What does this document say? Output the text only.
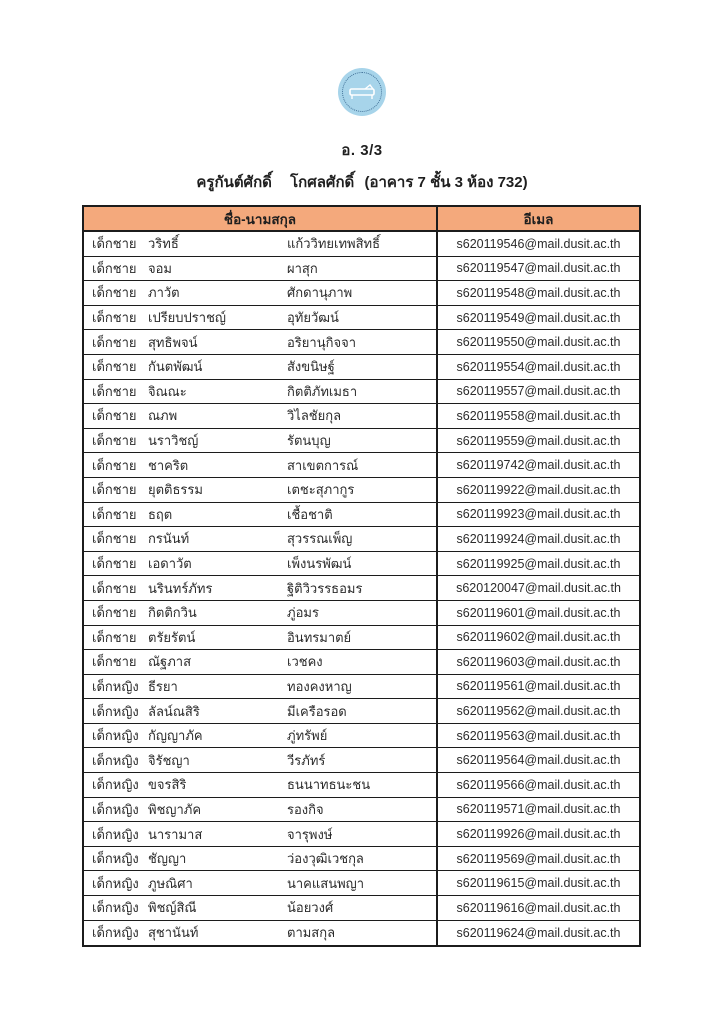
อ. 3/3
ครูกันต์ศักดิ์ โกศลศักดิ์ (อาคาร 7 ชั้น 3 ห้อง 732)
ชื่อ-นามสกุล	อีเมล
เด็กชาย วริทธิ์	แก้ววิทยเทพสิทธิ์	s620119546@mail.dusit.ac.th
เด็กชาย จอม	ผาสุก	s620119547@mail.dusit.ac.th
เด็กชาย ภาวัต	ศักดานุภาพ	s620119548@mail.dusit.ac.th
เด็กชาย เปรียบปราชญ์	อุทัยวัฒน์	s620119549@mail.dusit.ac.th
เด็กชาย สุทธิพจน์	อริยานุกิจจา	s620119550@mail.dusit.ac.th
เด็กชาย กันตพัฒน์	สังขนิษฐ์	s620119554@mail.dusit.ac.th
เด็กชาย จิณณะ	กิตติภัทเมธา	s620119557@mail.dusit.ac.th
เด็กชาย ณภพ	วิไลชัยกุล	s620119558@mail.dusit.ac.th
เด็กชาย นราวิชญ์	รัตนบุญ	s620119559@mail.dusit.ac.th
เด็กชาย ชาคริต	สาเขตการณ์	s620119742@mail.dusit.ac.th
เด็กชาย ยุตติธรรม	เตชะสุภากูร	s620119922@mail.dusit.ac.th
เด็กชาย ธฤต	เชื้อชาติ	s620119923@mail.dusit.ac.th
เด็กชาย กรนันท์	สุวรรณเพ็ญ	s620119924@mail.dusit.ac.th
เด็กชาย เอดาวัต	เพ็งนรพัฒน์	s620119925@mail.dusit.ac.th
เด็กชาย นรินทร์ภัทร	ฐิติวิวรรธอมร	s620120047@mail.dusit.ac.th
เด็กชาย กิตติกวิน	ภู่อมร	s620119601@mail.dusit.ac.th
เด็กชาย ตรัยรัตน์	อินทรมาตย์	s620119602@mail.dusit.ac.th
เด็กชาย ณัฐภาส	เวชคง	s620119603@mail.dusit.ac.th
เด็กหญิง ธีรยา	ทองคงหาญ	s620119561@mail.dusit.ac.th
เด็กหญิง ลัลน์ณสิริ	มีเครือรอด	s620119562@mail.dusit.ac.th
เด็กหญิง กัญญาภัค	ภู่ทรัพย์	s620119563@mail.dusit.ac.th
เด็กหญิง จิรัชญา	วีรภัทร์	s620119564@mail.dusit.ac.th
เด็กหญิง ขจรสิริ	ธนนาทธนะชน	s620119566@mail.dusit.ac.th
เด็กหญิง พิชญาภัค	รองกิจ	s620119571@mail.dusit.ac.th
เด็กหญิง นารามาส	จารุพงษ์	s620119926@mail.dusit.ac.th
เด็กหญิง ชัญญา	ว่องวุฒิเวชกุล	s620119569@mail.dusit.ac.th
เด็กหญิง ภูษณิศา	นาคแสนพญา	s620119615@mail.dusit.ac.th
เด็กหญิง พิชญ์สิณี	น้อยวงศ์	s620119616@mail.dusit.ac.th
เด็กหญิง สุชานันท์	ตามสกุล	s620119624@mail.dusit.ac.th
